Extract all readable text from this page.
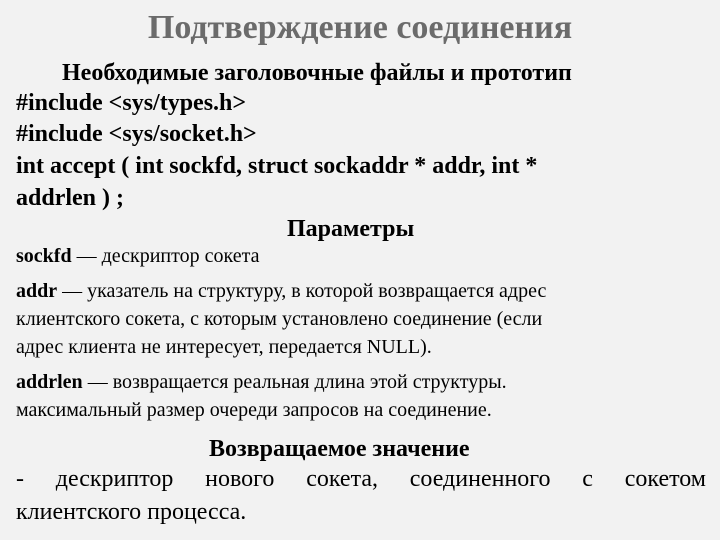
Подтверждение соединения
Необходимые заголовочные файлы и прототип
#include <sys/types.h>
#include <sys/socket.h>
int accept ( int sockfd, struct sockaddr * addr, int *
addrlen ) ;
Параметры
sockfd — дескриптор сокета
addr — указатель на структуру, в которой возвращается адрес
клиентского сокета, с которым установлено соединение (если
адрес клиента не интересует, передается NULL).
addrlen — возвращается реальная длина этой структуры.
максимальный размер очереди запросов на соединение.
Возвращаемое значение
- дескриптор нового сокета, соединенного с сокетом
клиентского процесса.
